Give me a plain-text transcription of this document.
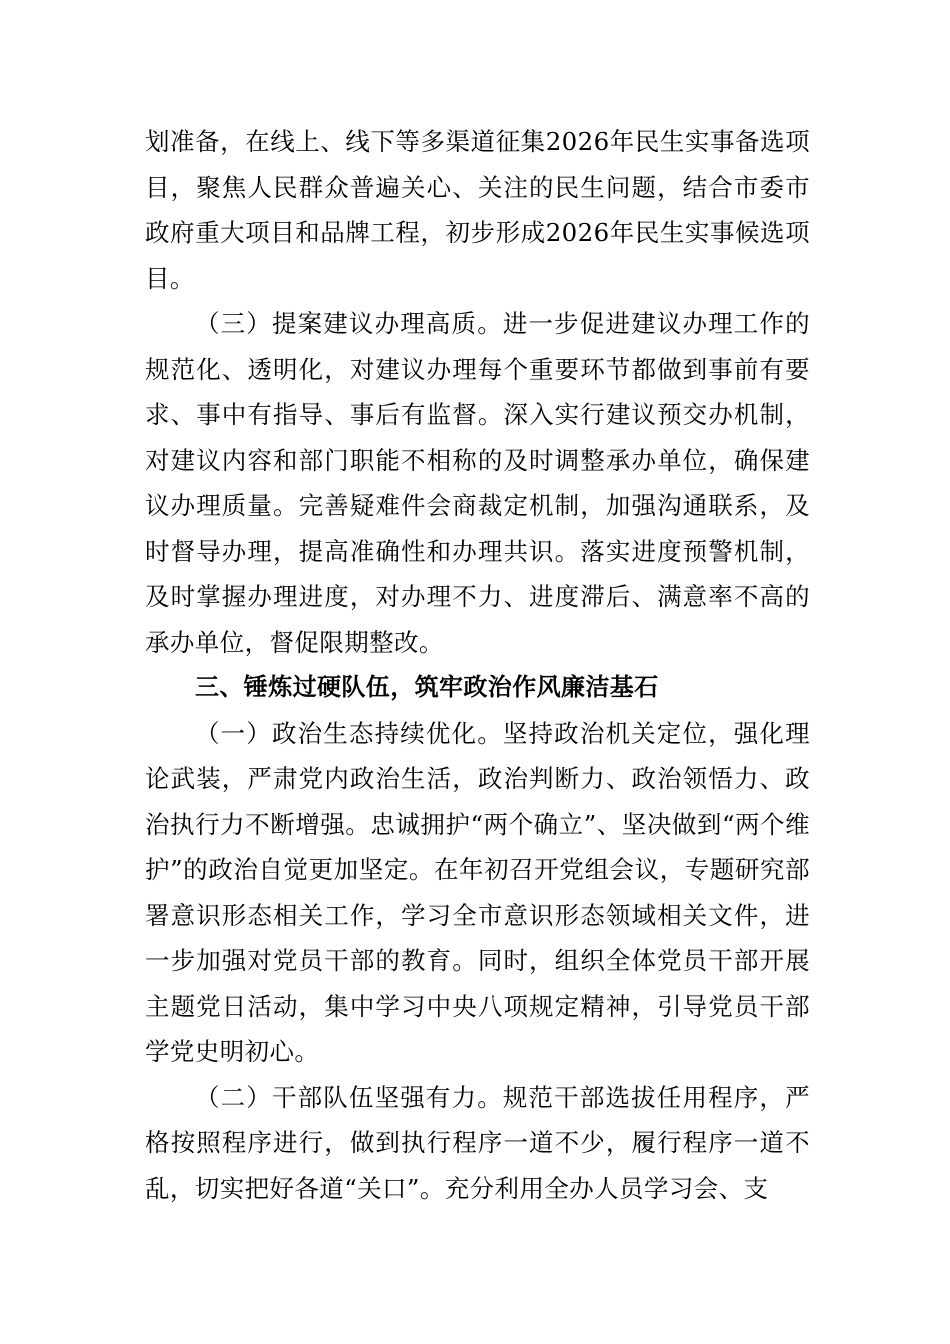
划准备，在线上、线下等多渠道征集2026年民生实事备选项目，聚焦人民群众普遍关心、关注的民生问题，结合市委市政府重大项目和品牌工程，初步形成2026年民生实事候选项目。

（三）提案建议办理高质。进一步促进建议办理工作的规范化、透明化，对建议办理每个重要环节都做到事前有要求、事中有指导、事后有监督。深入实行建议预交办机制，对建议内容和部门职能不相称的及时调整承办单位，确保建议办理质量。完善疑难件会商裁定机制，加强沟通联系，及时督导办理，提高准确性和办理共识。落实进度预警机制，及时掌握办理进度，对办理不力、进度滞后、满意率不高的承办单位，督促限期整改。

三、锤炼过硬队伍，筑牢政治作风廉洁基石

（一）政治生态持续优化。坚持政治机关定位，强化理论武装，严肃党内政治生活，政治判断力、政治领悟力、政治执行力不断增强。忠诚拥护“两个确立”、坚决做到“两个维护”的政治自觉更加坚定。在年初召开党组会议，专题研究部署意识形态相关工作，学习全市意识形态领域相关文件，进一步加强对党员干部的教育。同时，组织全体党员干部开展主题党日活动，集中学习中央八项规定精神，引导党员干部学党史明初心。

（二）干部队伍坚强有力。规范干部选拔任用程序，严格按照程序进行，做到执行程序一道不少，履行程序一道不乱，切实把好各道“关口”。充分利用全办人员学习会、支
